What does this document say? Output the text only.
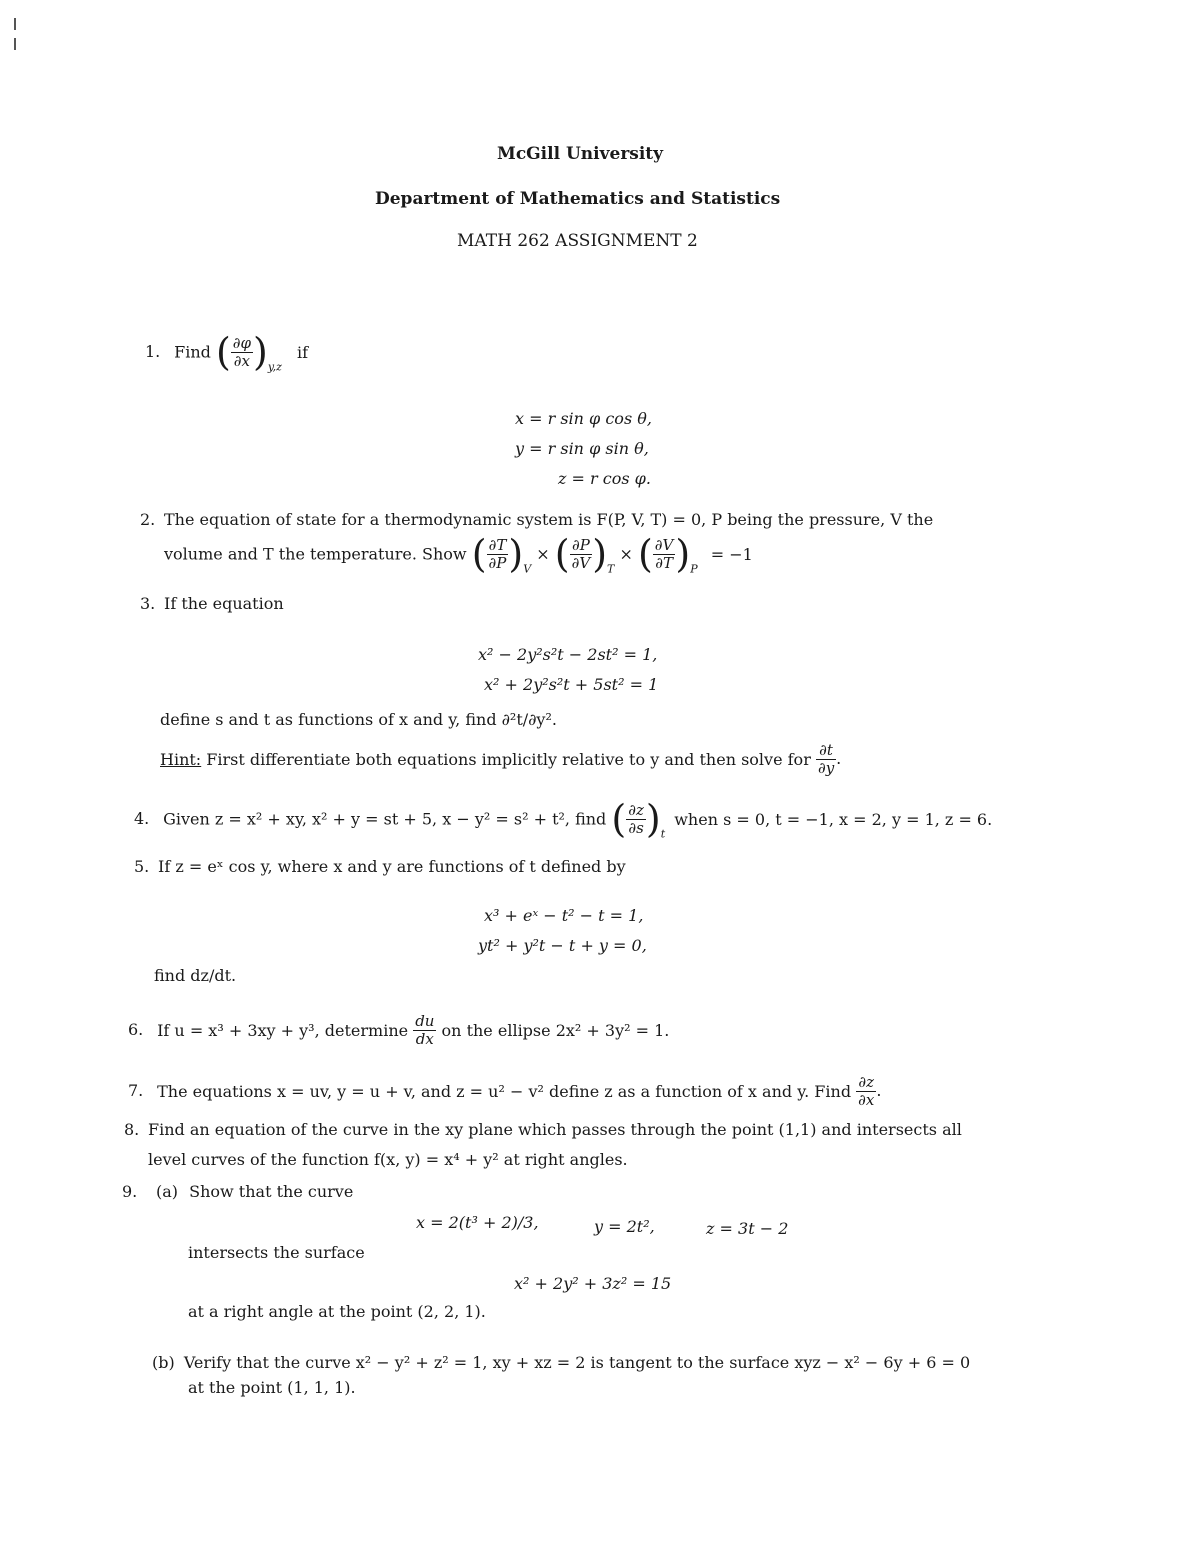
McGill University
Department of Mathematics and Statistics
MATH 262 ASSIGNMENT 2
1. Find ( $\frac{\partial\varphi}{\partial x} )_{y,z}$ if
x = r sin φ cos θ,
y = r sin φ sin θ,
z = r cos φ.
2. The equation of state for a thermodynamic system is F(P, V, T) = 0, P being the pressure, V the
volume and T the temperature. Show ( $\frac{\partial T}{\partial P} )_V$ × ( $\frac{\partial P}{\partial V} )_T$ × ( $\frac{\partial V}{\partial T} )_P = -1$
3. If the equation
x² − 2y²s²t − 2st² = 1,
x² + 2y²s²t + 5st² = 1
define s and t as functions of x and y, find ∂²t/∂y².
Hint: First differentiate both equations implicitly relative to y and then solve for $\frac{\partial t}{\partial y}$ .
4. Given z = x² + xy, x² + y = st + 5, x − y² = s² + t², find ( $\frac{\partial z}{\partial s} )_t$ when s = 0, t = −1, x = 2, y = 1, z = 6.
5. If z = eˣ cos y, where x and y are functions of t defined by
x³ + eˣ − t² − t = 1,
yt² + y²t − t + y = 0,
find dz/dt.
6. If u = x³ + 3xy + y³, determine $\frac{du}{dx}$ on the ellipse 2x² + 3y² = 1.
7. The equations x = uv, y = u + v, and z = u² − v² define z as a function of x and y. Find $\frac{\partial z}{\partial x}$ .
8. Find an equation of the curve in the xy plane which passes through the point (1,1) and intersects all
level curves of the function f(x, y) = x⁴ + y² at right angles.
9. (a) Show that the curve
x = 2(t³ + 2)/3,	y = 2t²,	z = 3t − 2
intersects the surface
x² + 2y² + 3z² = 15
at a right angle at the point (2, 2, 1).
(b) Verify that the curve x² − y² + z² = 1, xy + xz = 2 is tangent to the surface xyz − x² − 6y + 6 = 0
at the point (1, 1, 1).
